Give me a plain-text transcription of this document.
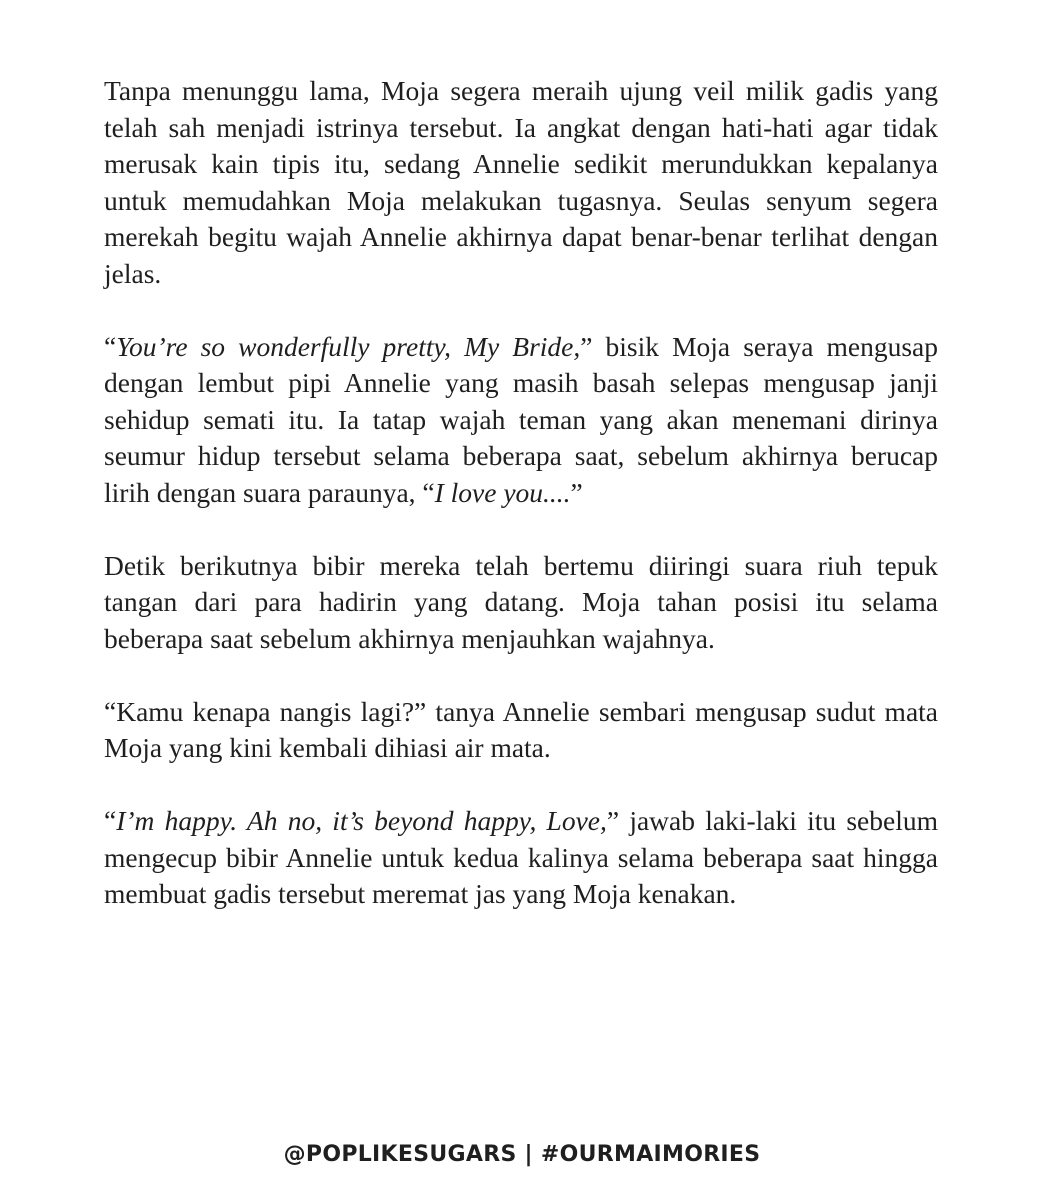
Tanpa menunggu lama, Moja segera meraih ujung veil milik gadis yang telah sah menjadi istrinya tersebut. Ia angkat dengan hati-hati agar tidak merusak kain tipis itu, sedang Annelie sedikit merundukkan kepalanya untuk memudahkan Moja melakukan tugasnya. Seulas senyum segera merekah begitu wajah Annelie akhirnya dapat benar-benar terlihat dengan jelas.

“You’re so wonderfully pretty, My Bride,” bisik Moja seraya mengusap dengan lembut pipi Annelie yang masih basah selepas mengusap janji sehidup semati itu. Ia tatap wajah teman yang akan menemani dirinya seumur hidup tersebut selama beberapa saat, sebelum akhirnya berucap lirih dengan suara paraunya, “I love you....”

Detik berikutnya bibir mereka telah bertemu diiringi suara riuh tepuk tangan dari para hadirin yang datang. Moja tahan posisi itu selama beberapa saat sebelum akhirnya menjauhkan wajahnya.

“Kamu kenapa nangis lagi?” tanya Annelie sembari mengusap sudut mata Moja yang kini kembali dihiasi air mata.

“I’m happy. Ah no, it’s beyond happy, Love,” jawab laki-laki itu sebelum mengecup bibir Annelie untuk kedua kalinya selama beberapa saat hingga membuat gadis tersebut meremat jas yang Moja kenakan.

@POPLIKESUGARS | #OURMAIMORIES
